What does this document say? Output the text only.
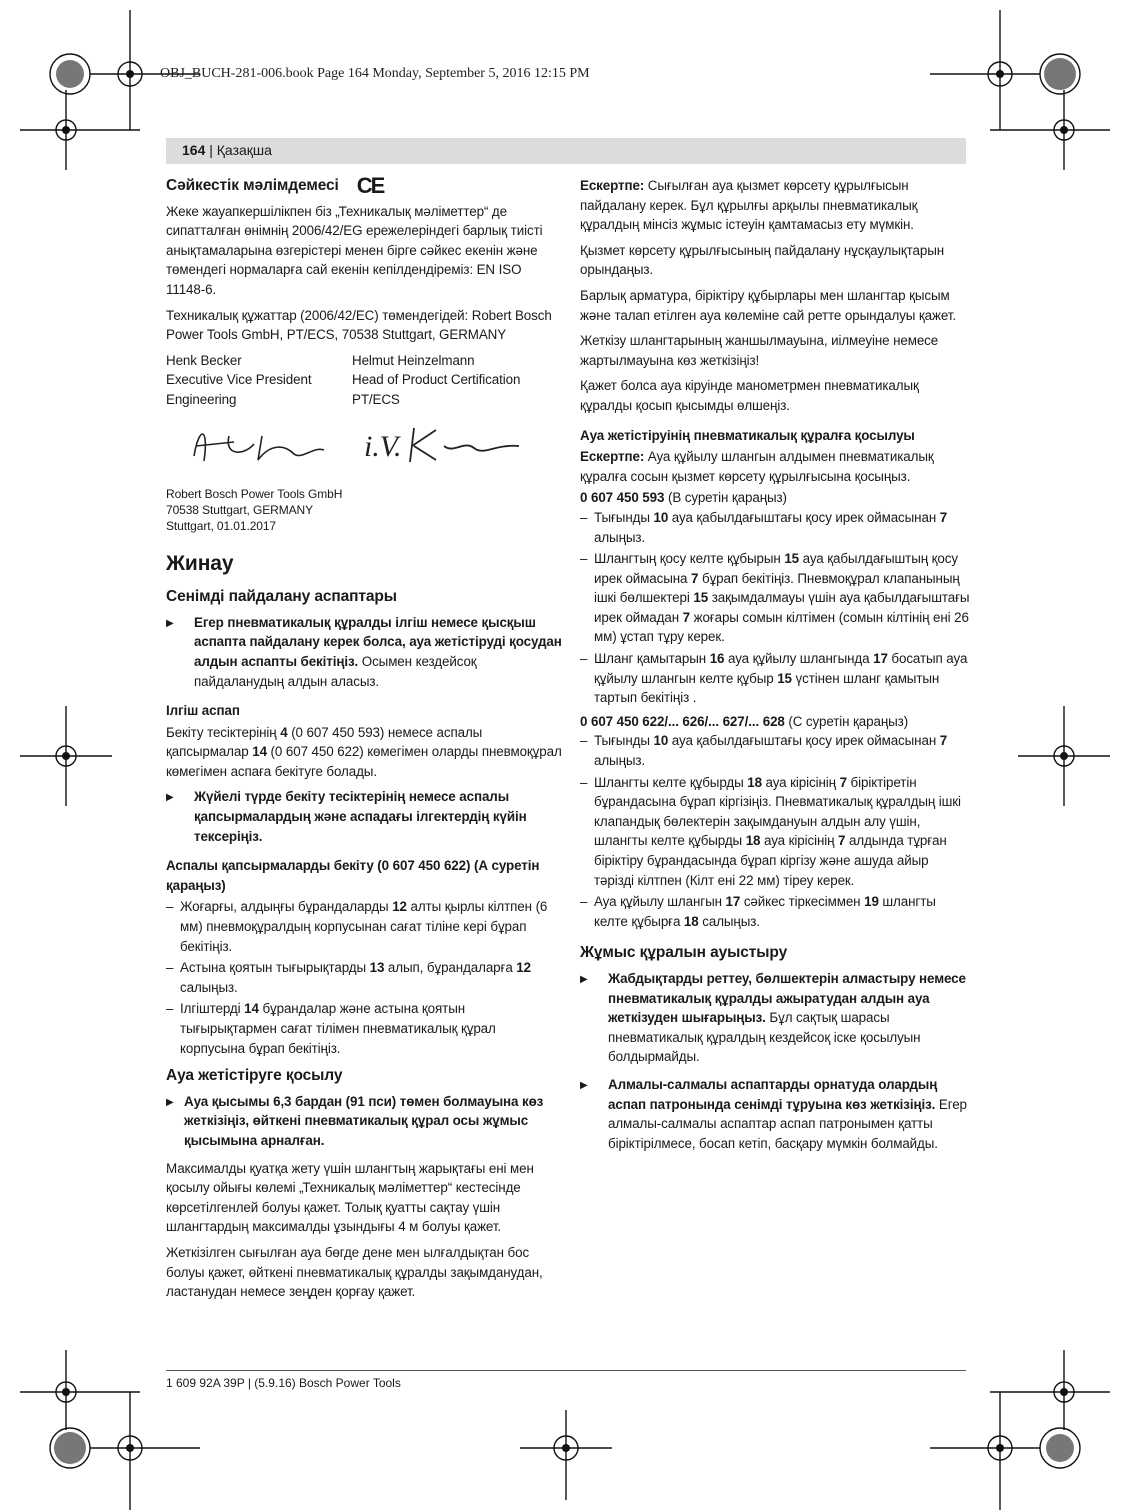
OBJ_BUCH-281-006.book Page 164 Monday, September 5, 2016 12:15 PM
164 | Қазақша
Сәйкестік мәлімдемесі CE

Жеке жауапкершілікпен біз „Техникалық мәліметтер“ де сипатталған өнімнің 2006/42/EG ережелеріндегі барлық тиісті анықтамаларына өзгерістері менен бірге сәйкес екенін және төмендегі нормаларға сай екенін кепілдендіреміз: EN ISO 11148-6.

Техникалық құжаттар (2006/42/EC) төмендегідей: Robert Bosch Power Tools GmbH, PT/ECS, 70538 Stuttgart, GERMANY

Henk Becker
Executive Vice President
Engineering
Helmut Heinzelmann
Head of Product Certification
PT/ECS
i.V.
Robert Bosch Power Tools GmbH
70538 Stuttgart, GERMANY
Stuttgart, 01.01.2017
Жинау
Сенімді пайдалану аспаптары
▶	Егер пневматикалық құралды ілгіш немесе қысқыш аспапта пайдалану керек болса, ауа жетістіруді қосудан алдын аспапты бекітіңіз. Осымен кездейсоқ пайдаланудың алдын аласыз.
Ілгіш аспап

Бекіту тесіктерінің 4 (0 607 450 593) немесе аспалы қапсырмалар 14 (0 607 450 622) көмегімен оларды пневмоқұрал көмегімен аспаға бекітуге болады.

▶	Жүйелі түрде бекіту тесіктерінің немесе аспалы қапсырмалардың және аспадағы ілгектердің күйін тексеріңіз.
Аспалы қапсырмаларды бекіту (0 607 450 622) (А суретін қараңыз)
– Жоғарғы, алдыңғы бұрандаларды 12 алты қырлы кілтпен (6 мм) пневмоқұралдың корпусынан сағат тіліне кері бұрап бекітіңіз.
– Астына қоятын тығырықтарды 13 алып, бұрандаларға 12 салыңыз.
– Ілгіштерді 14 бұрандалар және астына қоятын тығырықтармен сағат тілімен пневматикалық құрал корпусына бұрап бекітіңіз.
Ауа жетістіруге қосылу
▶ Ауа қысымы 6,3 бардан (91 пси) төмен болмауына көз жеткізіңіз, өйткені пневматикалық құрал осы жұмыс қысымына арналған.

Максималды қуатқа жету үшін шлангтың жарықтағы ені мен қосылу ойығы көлемі „Техникалық мәліметтер“ кестесінде көрсетілгенлей болуы қажет. Толық қуатты сақтау үшін шлангтардың максималды ұзындығы 4 м болуы қажет.

Жеткізілген сығылған ауа бөгде дене мен ылғалдықтан бос болуы қажет, өйткені пневматикалық құралды зақымданудан, ластанудан немесе зеңден қорғау қажет.

Ескертпе: Сығылған ауа қызмет көрсету құрылғысын пайдалану керек. Бұл құрылғы арқылы пневматикалық құралдың мінсіз жұмыс істеуін қамтамасыз ету мүмкін.

Қызмет көрсету құрылғысының пайдалану нұсқаулықтарын орындаңыз.

Барлық арматура, біріктіру құбырлары мен шлангтар қысым және талап етілген ауа көлеміне сай ретте орындалуы қажет.

Жеткізу шлангтарының жаншылмауына, иілмеуіне немесе жартылмауына көз жеткізіңіз!

Қажет болса ауа кіруінде манометрмен пневматикалық құралды қосып қысымды өлшеңіз.

Ауа жетістіруінің пневматикалық құралға қосылуы

Ескертпе: Ауа құйылу шлангын алдымен пневматикалық құралға сосын қызмет көрсету құрылғысына қосыңыз.

0 607 450 593 (В суретін қараңыз)
– Тығынды 10 ауа қабылдағыштағы қосу ирек оймасынан 7 алыңыз.
– Шлангтың қосу келте құбырын 15 ауа қабылдағыштың қосу ирек оймасына 7 бұрап бекітіңіз. Пневмоқұрал клапанының ішкі бөлшектері 15 зақымдалмауы үшін ауа қабылдағыштағы ирек оймадан 7 жоғары сомын кілтімен (сомын кілтінің ені 26 мм) ұстап тұру керек.
– Шланг қамытарын 16 ауа құйылу шлангында 17 босатып ауа құйылу шлангын келте құбыр 15 үстінен шланг қамытын тартып бекітіңіз .
0 607 450 622/... 626/... 627/... 628 (С суретін қараңыз)
– Тығынды 10 ауа қабылдағыштағы қосу ирек оймасынан 7 алыңыз.
– Шлангты келте құбырды 18 ауа кірісінің 7 біріктіретін бұрандасына бұрап кіргізіңіз. Пневматикалық құралдың ішкі клапандық бөлектерін зақымдануын алдын алу үшін, шлангты келте құбырды 18 ауа кірісінің 7 алдында тұрған біріктіру бұрандасында бұрап кіргізу және ашуда айыр тәрізді кілтпен (Кілт ені 22 мм) тіреу керек.
– Ауа құйылу шлангын 17 сәйкес тіркесіммен 19 шлангты келте құбырға 18 салыңыз.
Жұмыс құралын ауыстыру
▶	Жабдықтарды реттеу, бөлшектерін алмастыру немесе пневматикалық құралды ажыратудан алдын ауа жеткізуден шығарыңыз. Бұл сақтық шарасы пневматикалық құралдың кездейсоқ іске қосылуын болдырмайды.
▶	Алмалы-салмалы аспаптарды орнатуда олардың аспап патронында сенімді тұруына көз жеткізіңіз. Егер алмалы-салмалы аспаптар аспап патронымен қатты біріктірілмесе, босап кетіп, басқару мүмкін болмайды.
1 609 92A 39P | (5.9.16) Bosch Power Tools
